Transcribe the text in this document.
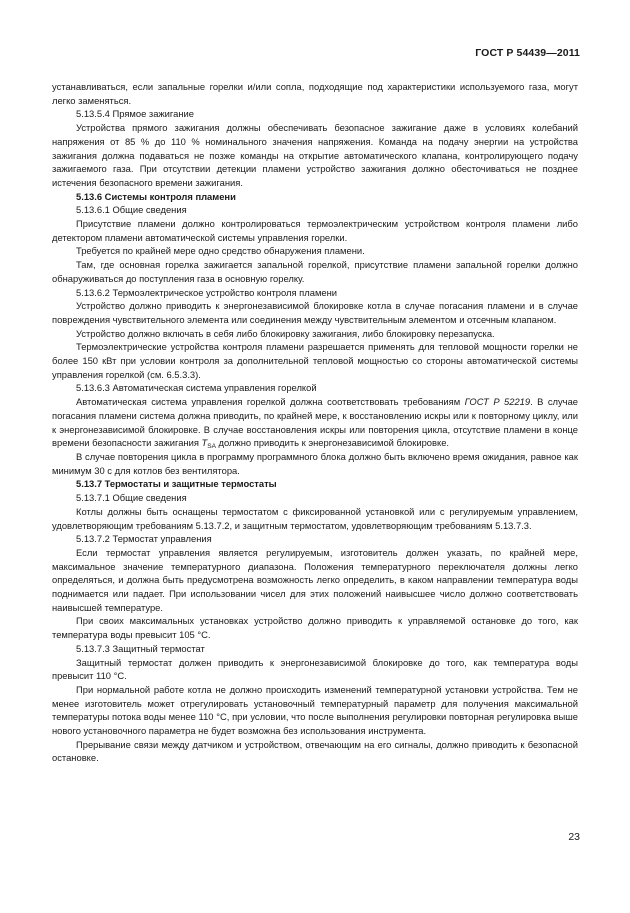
ГОСТ Р 54439—2011

устанавливаться, если запальные горелки и/или сопла, подходящие под характеристики используемого газа, могут легко заменяться.

5.13.5.4 Прямое зажигание

Устройства прямого зажигания должны обеспечивать безопасное зажигание даже в условиях колебаний напряжения от 85 % до 110 % номинального значения напряжения. Команда на подачу энергии на устройства зажигания должна подаваться не позже команды на открытие автоматического клапана, контролирующего подачу зажигаемого газа. При отсутствии детекции пламени устройство зажигания должно обесточиваться не позднее истечения безопасного времени зажигания.

5.13.6 Системы контроля пламени

5.13.6.1 Общие сведения

Присутствие пламени должно контролироваться термоэлектрическим устройством контроля пламени либо детектором пламени автоматической системы управления горелки.

Требуется по крайней мере одно средство обнаружения пламени.

Там, где основная горелка зажигается запальной горелкой, присутствие пламени запальной горелки должно обнаруживаться до поступления газа в основную горелку.

5.13.6.2 Термоэлектрическое устройство контроля пламени

Устройство должно приводить к энергонезависимой блокировке котла в случае погасания пламени и в случае повреждения чувствительного элемента или соединения между чувствительным элементом и отсечным клапаном.

Устройство должно включать в себя либо блокировку зажигания, либо блокировку перезапуска.

Термоэлектрические устройства контроля пламени разрешается применять для тепловой мощности горелки не более 150 кВт при условии контроля за дополнительной тепловой мощностью со стороны автоматической системы управления горелкой (см. 6.5.3.3).

5.13.6.3 Автоматическая система управления горелкой

Автоматическая система управления горелкой должна соответствовать требованиям ГОСТ Р 52219. В случае погасания пламени система должна приводить, по крайней мере, к восстановлению искры или к повторному циклу, или к энергонезависимой блокировке. В случае восстановления искры или повторения цикла, отсутствие пламени в конце времени безопасности зажигания $T_{SA}$ должно приводить к энергонезависимой блокировке.

В случае повторения цикла в программу программного блока должно быть включено время ожидания, равное как минимум 30 с для котлов без вентилятора.

5.13.7 Термостаты и защитные термостаты

5.13.7.1 Общие сведения

Котлы должны быть оснащены термостатом с фиксированной установкой или с регулируемым управлением, удовлетворяющим требованиям 5.13.7.2, и защитным термостатом, удовлетворяющим требованиям 5.13.7.3.

5.13.7.2 Термостат управления

Если термостат управления является регулируемым, изготовитель должен указать, по крайней мере, максимальное значение температурного диапазона. Положения температурного переключателя должны легко определяться, и должна быть предусмотрена возможность легко определить, в каком направлении температура воды поднимается или падает. При использовании чисел для этих положений наивысшее число должно соответствовать наивысшей температуре.

При своих максимальных установках устройство должно приводить к управляемой остановке до того, как температура воды превысит 105 °С.

5.13.7.3 Защитный термостат

Защитный термостат должен приводить к энергонезависимой блокировке до того, как температура воды превысит 110 °С.

При нормальной работе котла не должно происходить изменений температурной установки устройства. Тем не менее изготовитель может отрегулировать установочный температурный параметр для получения максимальной температуры потока воды менее 110 °С, при условии, что после выполнения регулировки повторная регулировка выше нового установочного параметра не будет возможна без использования инструмента.

Прерывание связи между датчиком и устройством, отвечающим на его сигналы, должно приводить к безопасной остановке.

23
